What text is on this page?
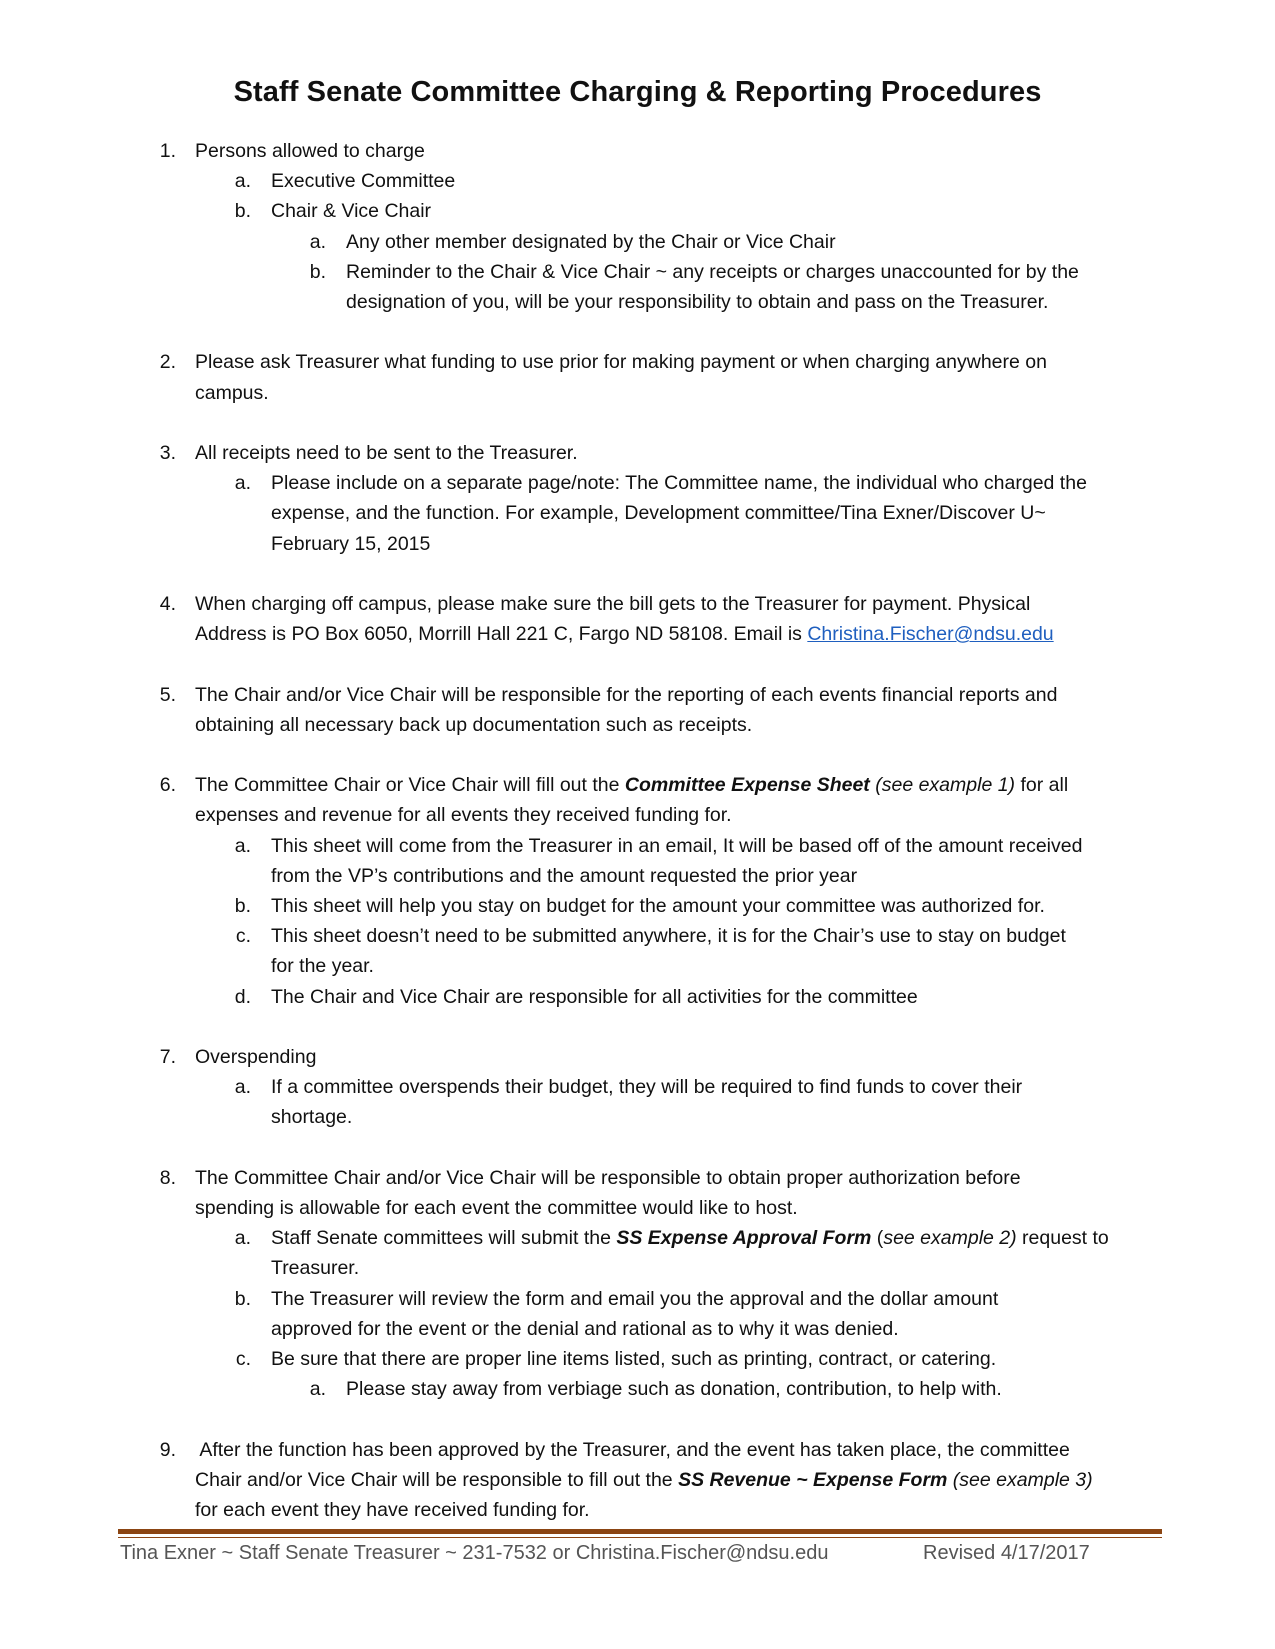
Staff Senate Committee Charging & Reporting Procedures
1. Persons allowed to charge

a. Executive Committee

b. Chair & Vice Chair

a. Any other member designated by the Chair or Vice Chair

b. Reminder to the Chair & Vice Chair ~ any receipts or charges unaccounted for by the

designation of you, will be your responsibility to obtain and pass on the Treasurer.

2. Please ask Treasurer what funding to use prior for making payment or when charging anywhere on

campus.

3. All receipts need to be sent to the Treasurer.

a. Please include on a separate page/note: The Committee name, the individual who charged the

expense, and the function. For example, Development committee/Tina Exner/Discover U~

February 15, 2015

4. When charging off campus, please make sure the bill gets to the Treasurer for payment. Physical

Address is PO Box 6050, Morrill Hall 221 C, Fargo ND 58108. Email is Christina.Fischer@ndsu.edu

5. The Chair and/or Vice Chair will be responsible for the reporting of each events financial reports and

obtaining all necessary back up documentation such as receipts.

6. The Committee Chair or Vice Chair will fill out the Committee Expense Sheet (see example 1) for all

expenses and revenue for all events they received funding for.

a. This sheet will come from the Treasurer in an email, It will be based off of the amount received

from the VP’s contributions and the amount requested the prior year

b. This sheet will help you stay on budget for the amount your committee was authorized for.

c. This sheet doesn’t need to be submitted anywhere, it is for the Chair’s use to stay on budget

for the year.

d. The Chair and Vice Chair are responsible for all activities for the committee

7. Overspending

a. If a committee overspends their budget, they will be required to find funds to cover their

shortage.

8. The Committee Chair and/or Vice Chair will be responsible to obtain proper authorization before

spending is allowable for each event the committee would like to host.

a. Staff Senate committees will submit the SS Expense Approval Form (see example 2) request to

Treasurer.

b. The Treasurer will review the form and email you the approval and the dollar amount

approved for the event or the denial and rational as to why it was denied.

c. Be sure that there are proper line items listed, such as printing, contract, or catering.

a. Please stay away from verbiage such as donation, contribution, to help with.

9. After the function has been approved by the Treasurer, and the event has taken place, the committee

Chair and/or Vice Chair will be responsible to fill out the SS Revenue ~ Expense Form (see example 3)

for each event they have received funding for.

Tina Exner ~ Staff Senate Treasurer ~ 231-7532 or Christina.Fischer@ndsu.edu	Revised 4/17/2017
